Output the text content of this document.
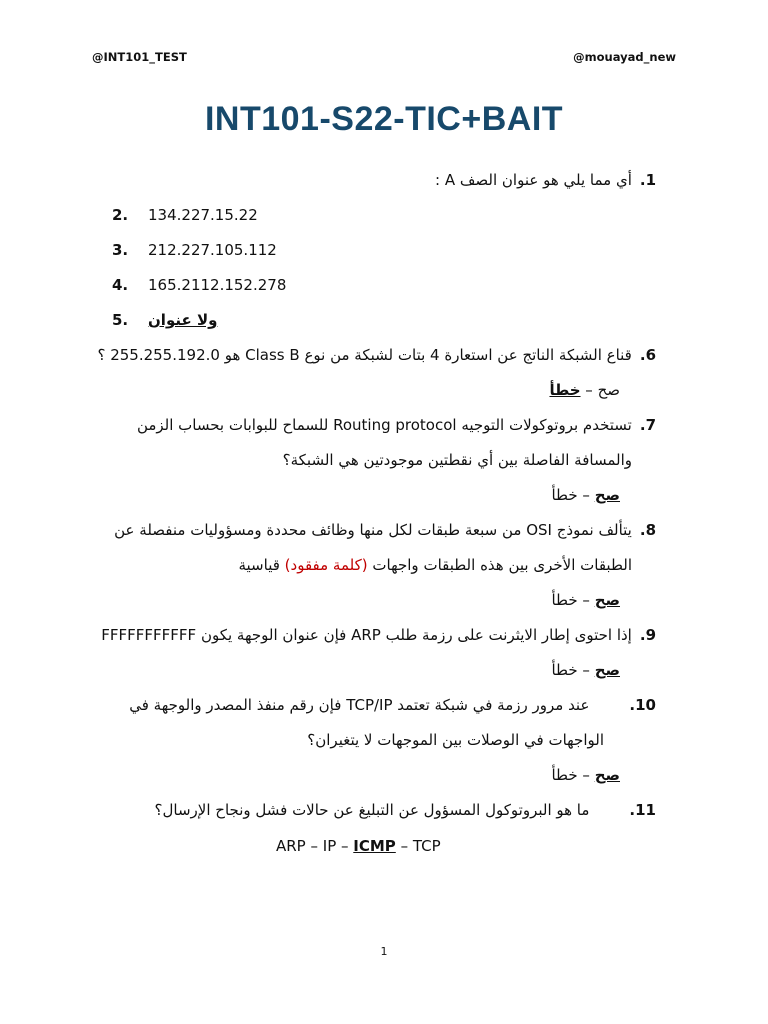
@INT101_TEST	@mouayad_new
INT101-S22-TIC+BAIT
1.أي مما يلي هو عنوان الصف A :
2. 134.227.15.22
3. 212.227.105.112
4. 165.2112.152.278
5. ولا عنوان
6.قناع الشبكة الناتج عن استعارة 4 بتات لشبكة من نوع Class B هو 255.255.192.0 ؟
صح – خطأ
7.تستخدم بروتوكولات التوجيه Routing protocol للسماح للبوابات بحساب الزمن
والمسافة الفاصلة بين أي نقطتين موجودتين هي الشبكة؟
صح – خطأ
8.يتألف نموذج OSI من سبعة طبقات لكل منها وظائف محددة ومسؤوليات منفصلة عن
الطبقات الأخرى بين هذه الطبقات واجهات (كلمة مفقود) قياسية
صح – خطأ
9.إذا احتوى إطار الايثرنت على رزمة طلب ARP فإن عنوان الوجهة يكون FFFFFFFFFFF
صح – خطأ
10.عند مرور رزمة في شبكة تعتمد TCP/IP فإن رقم منفذ المصدر والوجهة في
الواجهات في الوصلات بين الموجهات لا يتغيران؟
صح – خطأ
11.ما هو البروتوكول المسؤول عن التبليغ عن حالات فشل ونجاح الإرسال؟
ARP – IP – ICMP – TCP
1
